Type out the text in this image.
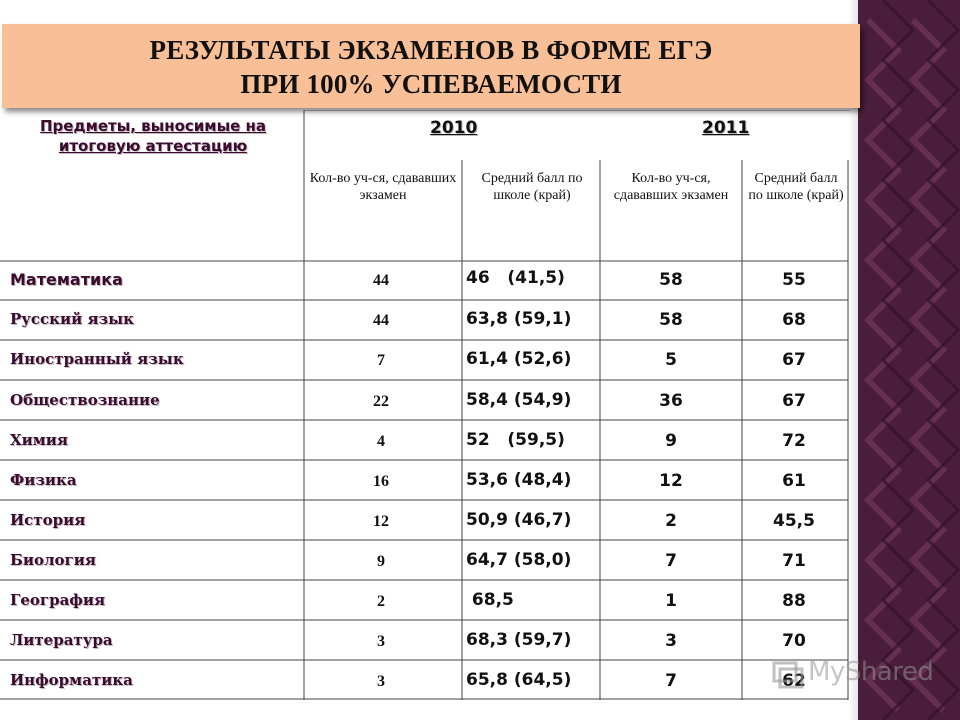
РЕЗУЛЬТАТЫ ЭКЗАМЕНОВ В ФОРМЕ ЕГЭ
ПРИ 100% УСПЕВАЕМОСТИ
Предметы, выносимые на итоговую аттестацию
2010	2011
Кол-во уч-ся, сдававших экзамен
Средний балл по школе (край)
Кол-во уч-ся, сдававших экзамен
Средний балл по школе (край)
Математика	44	46   (41,5)	58	55
Русский язык	44	63,8 (59,1)	58	68
Иностранный язык	7	61,4 (52,6)	5	67
Обществознание	22	58,4 (54,9)	36	67
Химия	4	52   (59,5)	9	72
Физика	16	53,6 (48,4)	12	61
История	12	50,9 (46,7)	2	45,5
Биология	9	64,7 (58,0)	7	71
География	2	68,5	1	88
Литература	3	68,3 (59,7)	3	70
Информатика	3	65,8 (64,5)	7	62 MyShared
